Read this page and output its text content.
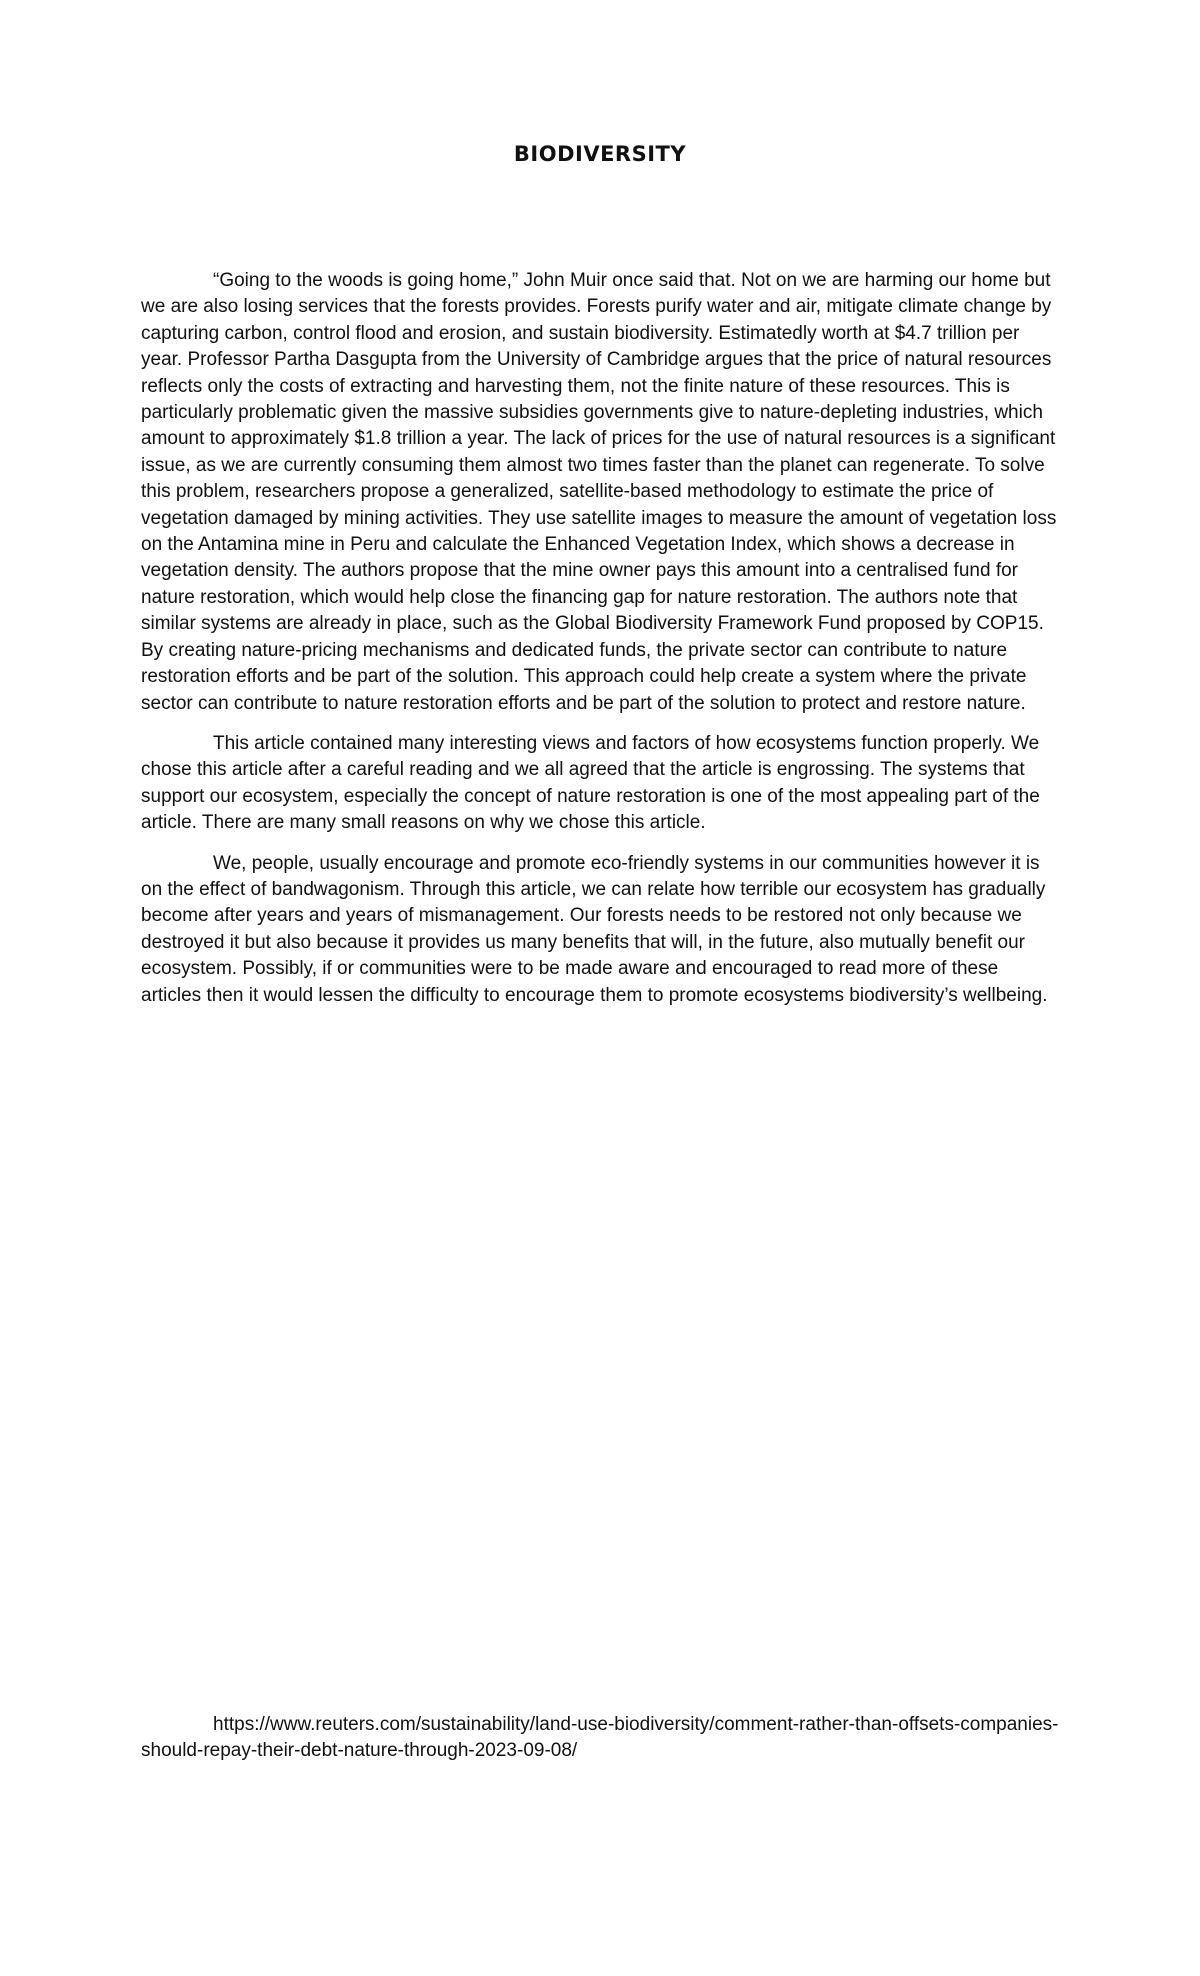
BIODIVERSITY

“Going to the woods is going home,” John Muir once said that. Not on we are harming our home but we are also losing services that the forests provides. Forests purify water and air, mitigate climate change by capturing carbon, control flood and erosion, and sustain biodiversity. Estimatedly worth at $4.7 trillion per year. Professor Partha Dasgupta from the University of Cambridge argues that the price of natural resources reflects only the costs of extracting and harvesting them, not the finite nature of these resources. This is particularly problematic given the massive subsidies governments give to nature-depleting industries, which amount to approximately $1.8 trillion a year. The lack of prices for the use of natural resources is a significant issue, as we are currently consuming them almost two times faster than the planet can regenerate. To solve this problem, researchers propose a generalized, satellite-based methodology to estimate the price of vegetation damaged by mining activities. They use satellite images to measure the amount of vegetation loss on the Antamina mine in Peru and calculate the Enhanced Vegetation Index, which shows a decrease in vegetation density. The authors propose that the mine owner pays this amount into a centralised fund for nature restoration, which would help close the financing gap for nature restoration. The authors note that similar systems are already in place, such as the Global Biodiversity Framework Fund proposed by COP15. By creating nature-pricing mechanisms and dedicated funds, the private sector can contribute to nature restoration efforts and be part of the solution. This approach could help create a system where the private sector can contribute to nature restoration efforts and be part of the solution to protect and restore nature.

This article contained many interesting views and factors of how ecosystems function properly. We chose this article after a careful reading and we all agreed that the article is engrossing. The systems that support our ecosystem, especially the concept of nature restoration is one of the most appealing part of the article. There are many small reasons on why we chose this article.

We, people, usually encourage and promote eco-friendly systems in our communities however it is on the effect of bandwagonism. Through this article, we can relate how terrible our ecosystem has gradually become after years and years of mismanagement. Our forests needs to be restored not only because we destroyed it but also because it provides us many benefits that will, in the future, also mutually benefit our ecosystem. Possibly, if or communities were to be made aware and encouraged to read more of these articles then it would lessen the difficulty to encourage them to promote ecosystems biodiversity’s wellbeing.

https://www.reuters.com/sustainability/land-use-biodiversity/comment-rather-than-offsets-companies-should-repay-their-debt-nature-through-2023-09-08/
